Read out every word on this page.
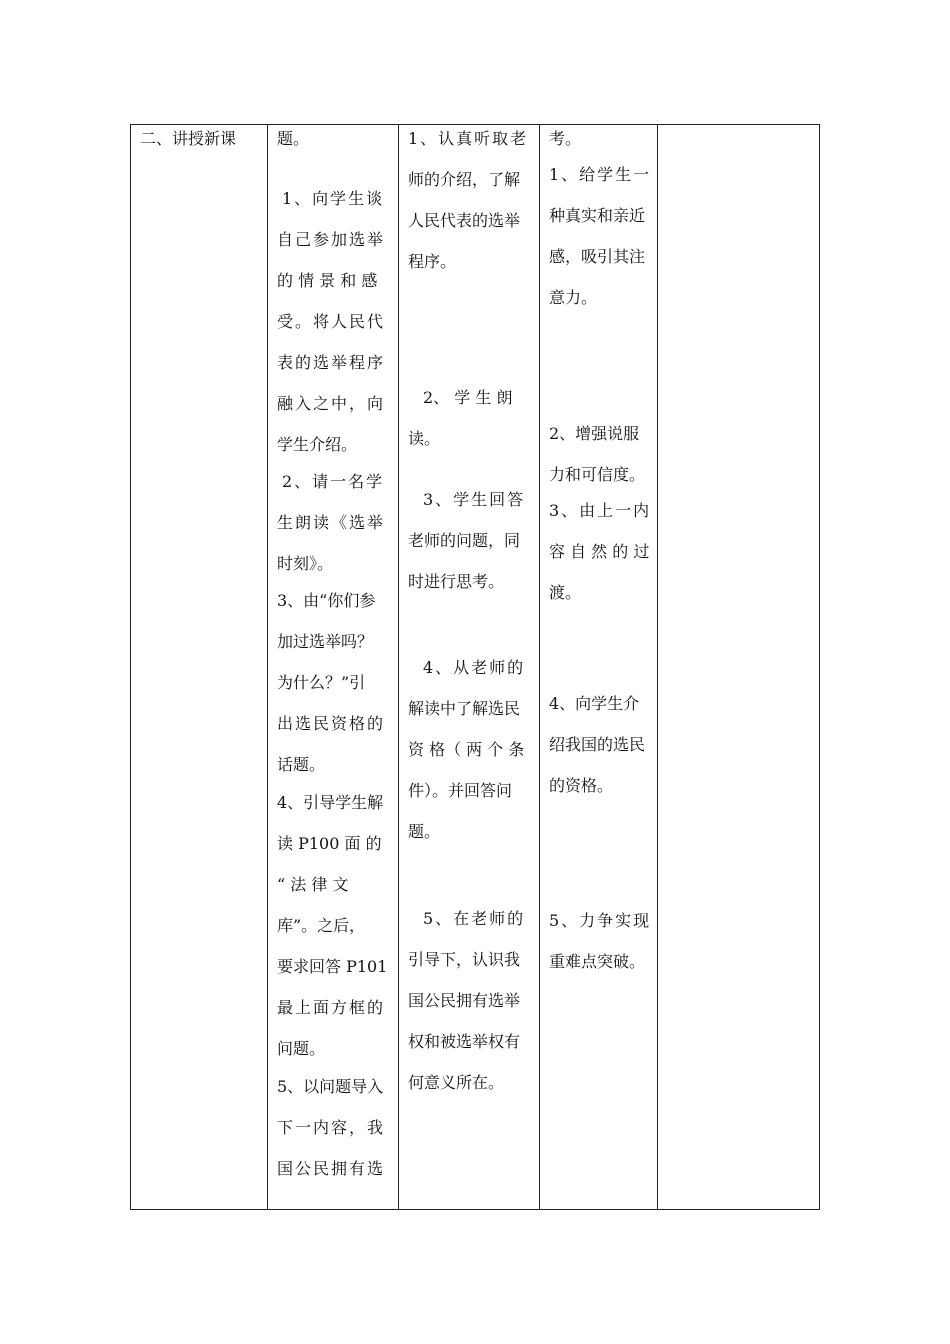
二、讲授新课	题。
1、向学生谈
自己参加选举
的 情 景 和 感
受。将人民代
表的选举程序
融入之中，向
学生介绍。
2、请一名学
生朗读《选举
时刻》。
3、由“你们参
加过选举吗？
为什么？”引
出选民资格的
话题。
4、引导学生解
读 P100 面 的
“ 法 律 文
库”。之后，
要求回答 P101
最上面方框的
问题。
5、以问题导入
下一内容，我
国公民拥有选
1、认真听取老
师的介绍，了解
人民代表的选举
程序。
2、 学 生 朗
读。
3、学生回答
老师的问题，同
时进行思考。
4、从老师的
解读中了解选民
资 格（ 两 个 条
件）。并回答问
题。
5、在老师的
引导下，认识我
国公民拥有选举
权和被选举权有
何意义所在。
考。
1、给学生一
种真实和亲近
感，吸引其注
意力。
2、增强说服
力和可信度。
3、由上一内
容 自 然 的 过
渡。
4、向学生介
绍我国的选民
的资格。
5、力争实现
重难点突破。
